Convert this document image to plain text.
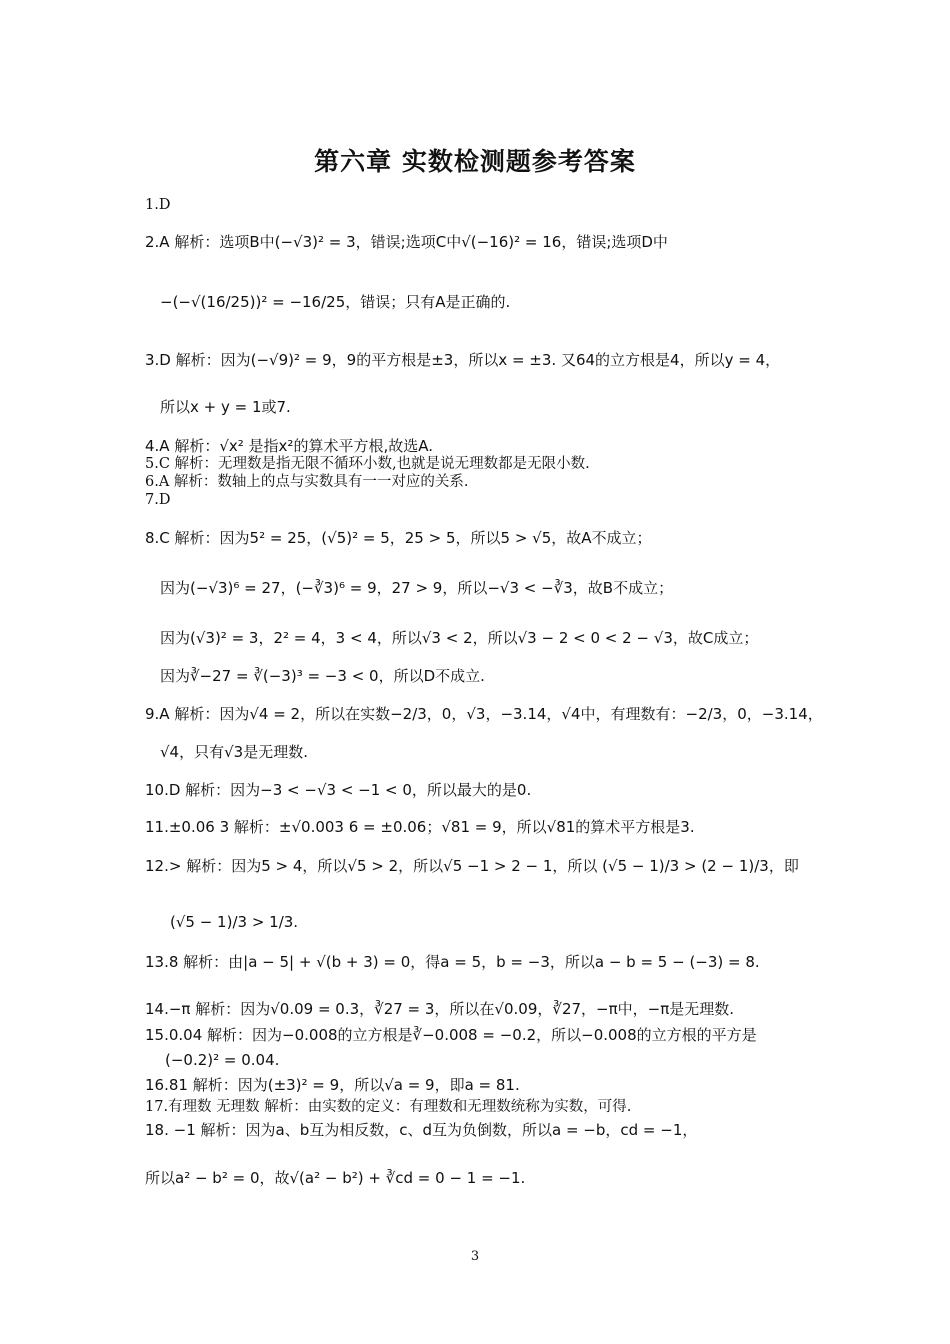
第六章 实数检测题参考答案
1.D
2.A 解析：选项B中(−√3)² = 3，错误;选项C中√(−16)² = 16，错误;选项D中
−(−√(16/25))² = −16/25，错误；只有A是正确的.
3.D 解析：因为(−√9)² = 9，9的平方根是±3，所以x = ±3. 又64的立方根是4，所以y = 4，
所以x + y = 1或7.
4.A 解析：√x² 是指x²的算术平方根,故选A.
5.C 解析：无理数是指无限不循环小数,也就是说无理数都是无限小数.
6.A 解析：数轴上的点与实数具有一一对应的关系.
7.D
8.C 解析：因为5² = 25，(√5)² = 5，25 > 5，所以5 > √5，故A不成立；
因为(−√3)⁶ = 27，(−∛3)⁶ = 9，27 > 9，所以−√3 < −∛3，故B不成立；
因为(√3)² = 3，2² = 4，3 < 4，所以√3 < 2，所以√3 − 2 < 0 < 2 − √3，故C成立；
因为∛−27 = ∛(−3)³ = −3 < 0，所以D不成立.
9.A 解析：因为√4 = 2，所以在实数−2/3，0，√3，−3.14，√4中，有理数有：−2/3，0，−3.14，
√4，只有√3是无理数.
10.D 解析：因为−3 < −√3 < −1 < 0，所以最大的是0.
11.±0.06 3 解析：±√0.003 6 = ±0.06；√81 = 9，所以√81的算术平方根是3.
12.> 解析：因为5 > 4，所以√5 > 2，所以√5 −1 > 2 − 1，所以 (√5 − 1)/3 > (2 − 1)/3，即
(√5 − 1)/3 > 1/3.
13.8 解析：由|a − 5| + √(b + 3) = 0，得a = 5，b = −3，所以a − b = 5 − (−3) = 8.
14.−π 解析：因为√0.09 = 0.3，∛27 = 3，所以在√0.09，∛27，−π中，−π是无理数.
15.0.04 解析：因为−0.008的立方根是∛−0.008 = −0.2，所以−0.008的立方根的平方是
(−0.2)² = 0.04.
16.81 解析：因为(±3)² = 9，所以√a = 9，即a = 81.
17.有理数 无理数 解析：由实数的定义：有理数和无理数统称为实数，可得.
18. −1 解析：因为a、b互为相反数，c、d互为负倒数，所以a = −b，cd = −1，
所以a² − b² = 0，故√(a² − b²) + ∛cd = 0 − 1 = −1.
3
